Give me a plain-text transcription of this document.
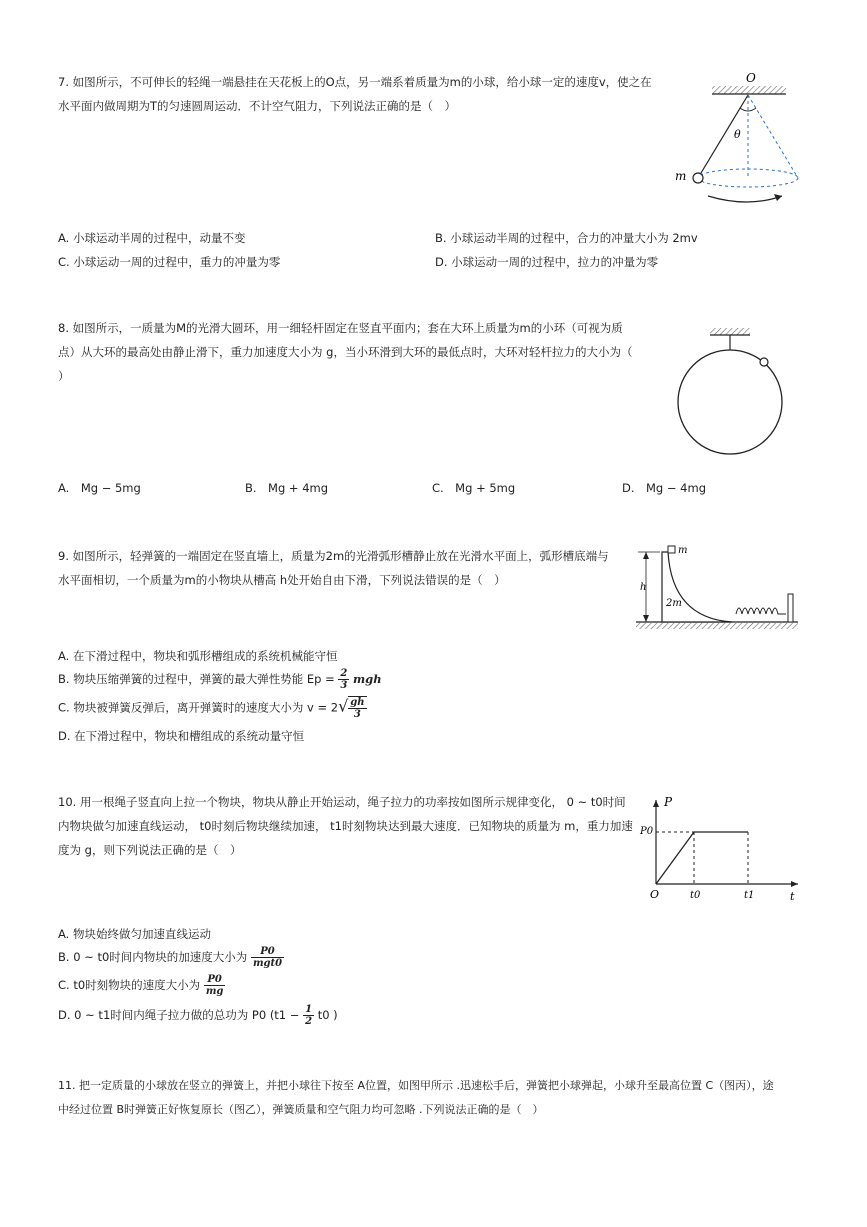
7. 如图所示，不可伸长的轻绳一端悬挂在天花板上的O点，另一端系着质量为m的小球，给小球一定的速度v，使之在
水平面内做周期为T的匀速圆周运动．不计空气阻力，下列说法正确的是（　）
O
θ
m
A. 小球运动半周的过程中，动量不变	B. 小球运动半周的过程中，合力的冲量大小为 2mv
C. 小球运动一周的过程中，重力的冲量为零	D. 小球运动一周的过程中，拉力的冲量为零
8. 如图所示，一质量为M的光滑大圆环，用一细轻杆固定在竖直平面内；套在大环上质量为m的小环（可视为质
点）从大环的最高处由静止滑下，重力加速度大小为 g，当小环滑到大环的最低点时，大环对轻杆拉力的大小为（
）
A.　Mg − 5mg	B.　Mg + 4mg	C.　Mg + 5mg	D.　Mg − 4mg
9. 如图所示，轻弹簧的一端固定在竖直墙上，质量为2m的光滑弧形槽静止放在光滑水平面上，弧形槽底端与
水平面相切，一个质量为m的小物块从槽高 h处开始自由下滑，下列说法错误的是（　）
h
m
2m
A. 在下滑过程中，物块和弧形槽组成的系统机械能守恒
B. 物块压缩弹簧的过程中，弹簧的最大弹性势能 $Ep = \frac{2}{3}$ mgh
C. 物块被弹簧反弹后，离开弹簧时的速度大小为 $v = 2√ \frac{gh}{3}$
D. 在下滑过程中，物块和槽组成的系统动量守恒
10. 用一根绳子竖直向上拉一个物块，物块从静止开始运动，绳子拉力的功率按如图所示规律变化， 0 ~ t0时间
内物块做匀加速直线运动， t0时刻后物块继续加速， t1时刻物块达到最大速度．已知物块的质量为 m，重力加速
度为 g，则下列说法正确的是（　）
P
P0
O	t0	t1	t
A. 物块始终做匀加速直线运动
B. 0 ~ t0时间内物块的加速度大小为 $\frac{P0}{\text{mgt0}}$
C. t0时刻物块的速度大小为 $\frac{P0}{mg}$
D. 0 ~ t1时间内绳子拉力做的总功为 P0 ($t1 - \frac{1}{2} t0$ )
11. 把一定质量的小球放在竖立的弹簧上，并把小球往下按至 A位置，如图甲所示 .迅速松手后，弹簧把小球弹起，小球升至最高位置 C（图丙），途
中经过位置 B时弹簧正好恢复原长（图乙），弹簧质量和空气阻力均可忽略 .下列说法正确的是（　）
